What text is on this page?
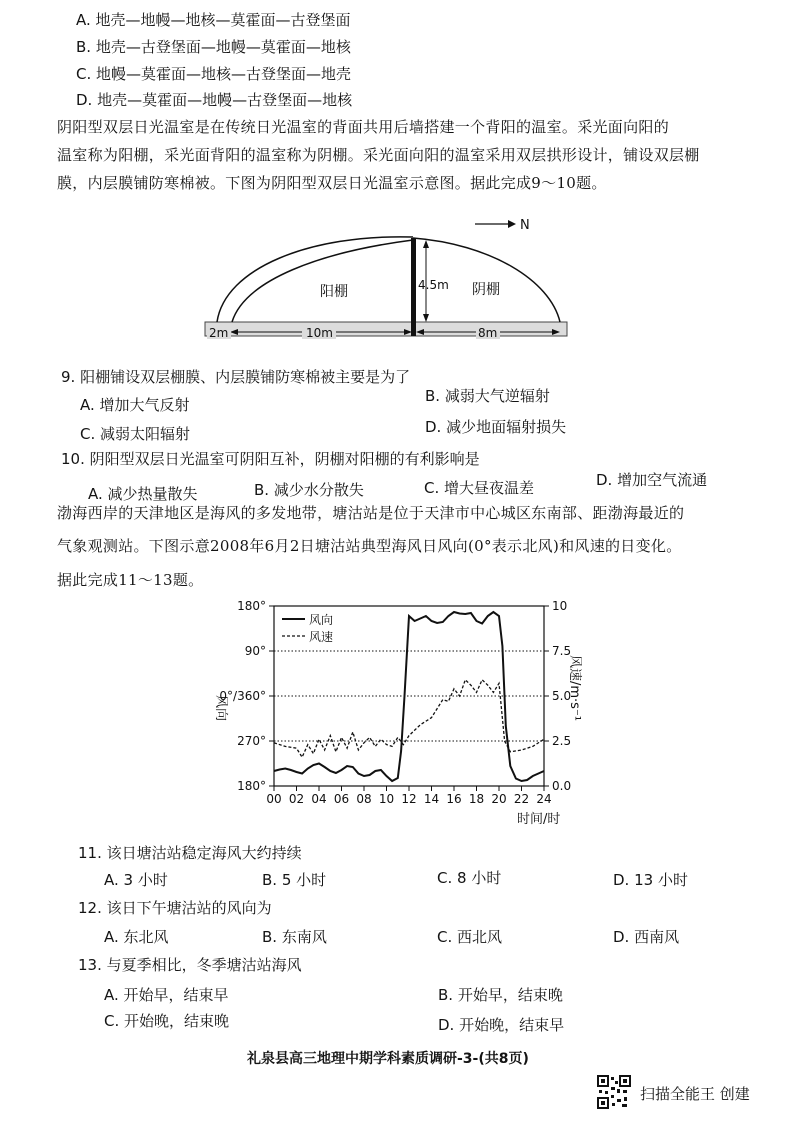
A. 地壳—地幔—地核—莫霍面—古登堡面
B. 地壳—古登堡面—地幔—莫霍面—地核
C. 地幔—莫霍面—地核—古登堡面—地壳
D. 地壳—莫霍面—地幔—古登堡面—地核
阴阳型双层日光温室是在传统日光温室的背面共用后墙搭建一个背阳的温室。采光面向阳的
温室称为阳棚，采光面背阳的温室称为阴棚。采光面向阳的温室采用双层拱形设计，铺设双层棚
膜，内层膜铺防寒棉被。下图为阴阳型双层日光温室示意图。据此完成9～10题。
N
4.5m
阳棚	阴棚
2m	10m	8m
9. 阳棚铺设双层棚膜、内层膜铺防寒棉被主要是为了
A. 增加大气反射	B. 减弱大气逆辐射
C. 减弱太阳辐射	D. 减少地面辐射损失
10. 阴阳型双层日光温室可阴阳互补，阴棚对阳棚的有利影响是
A. 减少热量散失	B. 减少水分散失	C. 增大昼夜温差	D. 增加空气流通
渤海西岸的天津地区是海风的多发地带，塘沽站是位于天津市中心城区东南部、距渤海最近的
气象观测站。下图示意2008年6月2日塘沽站典型海风日风向(0°表示北风)和风速的日变化。
据此完成11～13题。
180°
90°
0°/360°
270°
180°
10
7.5
5.0
2.5
0.0
00 02 04 06 08 10 12 14 16 18 20 22 24
风向
风速
风向	风速/m·s⁻¹
时间/时
11. 该日塘沽站稳定海风大约持续
A. 3 小时	B. 5 小时	C. 8 小时	D. 13 小时
12. 该日下午塘沽站的风向为
A. 东北风	B. 东南风	C. 西北风	D. 西南风
13. 与夏季相比，冬季塘沽站海风
A. 开始早，结束早	B. 开始早，结束晚
C. 开始晚，结束晚	D. 开始晚，结束早
礼泉县高三地理中期学科素质调研-3-(共8页)
扫描全能王 创建
